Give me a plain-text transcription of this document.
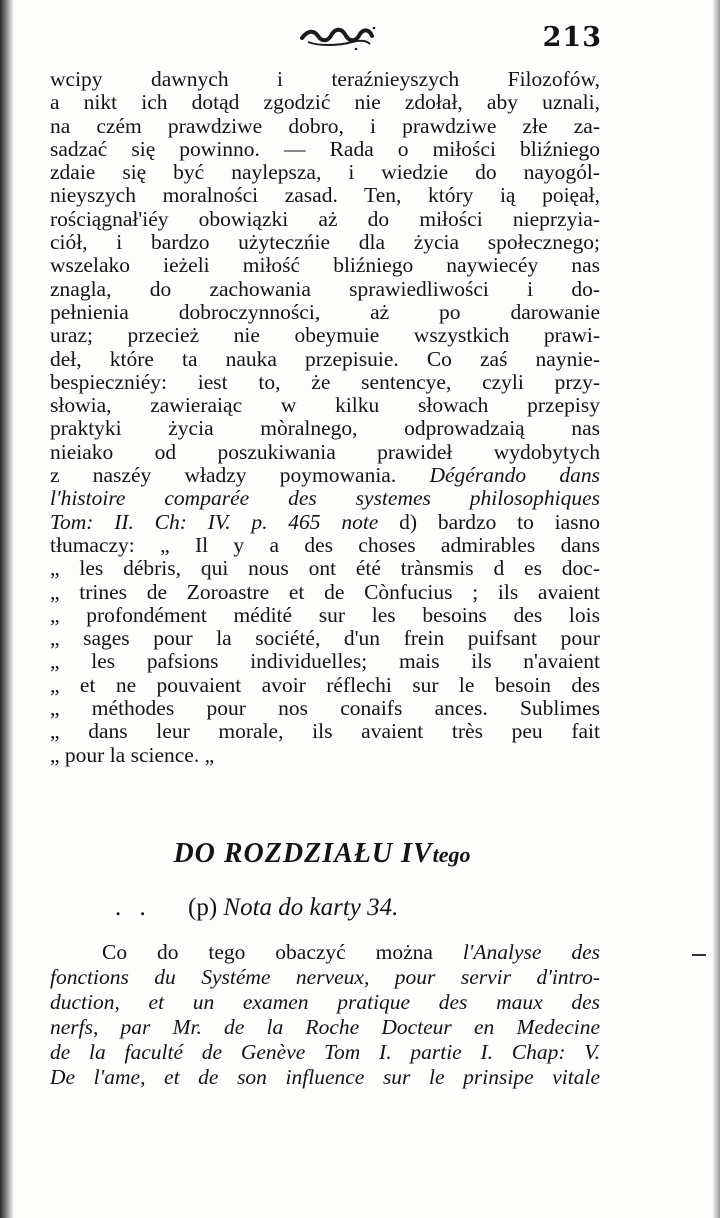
213
wcipy dawnych i teraźnieyszych Filozofów,
a nikt ich dotąd zgodzić nie zdołał, aby uznali,
na czém prawdziwe dobro, i prawdziwe złe za-
sadzać się powinno. — Rada o miłości bliźniego
zdaie się być naylepsza, i wiedzie do nayogól-
nieyszych moralności zasad. Ten, który ią poięał,
rościągnał'iéy obowiązki aż do miłości nieprzyia-
ciół, i bardzo użyteczńie dla życia społecznego;
wszelako ieżeli miłość bliźniego naywiecéy nas
znagla, do zachowania sprawiedliwości i do-
pełnienia dobroczynności, aż po darowanie
uraz; przecież nie obeymuie wszystkich prawi-
deł, które ta nauka przepisuie. Co zaś naynie-
bespieczniéy: iest to, że sentencye, czyli przy-
słowia, zawieraiąc w kilku słowach przepisy
praktyki życia mòralnego, odprowadzaią nas
nieiako od poszukiwania prawideł wydobytych
z naszéy władzy poymowania. Dégérando dans
l'histoire comparée des systemes philosophiques
Tom: II. Ch: IV. p. 465 note d) bardzo to iasno
tłumaczy: „ Il y a des choses admirables dans
„ les débris, qui nous ont été trànsmis d es doc-
„ trines de Zoroastre et de Cònfucius ; ils avaient
„ profondément médité sur les besoins des lois
„ sages pour la société, d'un frein puifsant pour
„ les pafsions individuelles; mais ils n'avaient
„ et ne pouvaient avoir réflechi sur le besoin des
„ méthodes pour nos conaifs ances. Sublimes
„ dans leur morale, ils avaient très peu fait
„ pour la science. „
DO ROZDZIAŁU IVtego
. . (p) Nota do karty 34.
Co do tego obaczyć można l'Analyse des
fonctions du Systéme nerveux, pour servir d'intro-
duction, et un examen pratique des maux des
nerfs, par Mr. de la Roche Docteur en Medecine
de la faculté de Genève Tom I. partie I. Chap: V.
De l'ame, et de son influence sur le prinsipe vitale
